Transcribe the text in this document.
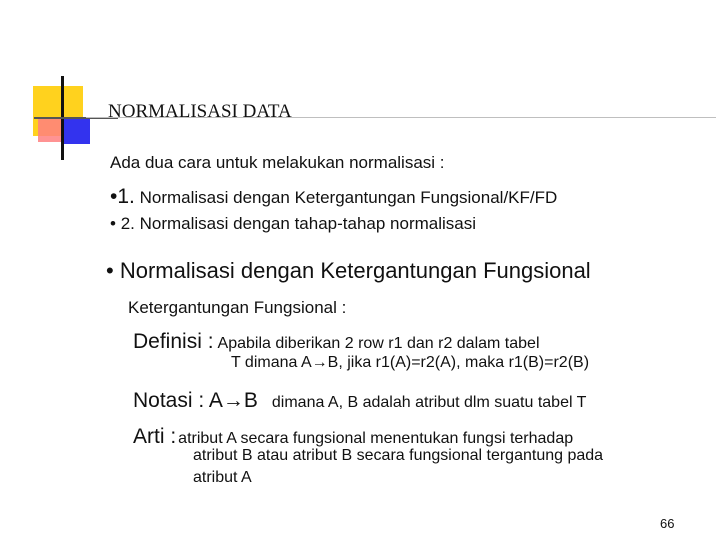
NORMALISASI DATA
Ada dua cara untuk melakukan normalisasi :
•1. Normalisasi dengan Ketergantungan Fungsional/KF/FD
• 2. Normalisasi dengan tahap-tahap normalisasi
• Normalisasi dengan Ketergantungan Fungsional
Ketergantungan Fungsional :
Definisi : Apabila diberikan 2 row r1 dan r2 dalam tabel
T dimana A→B, jika r1(A)=r2(A), maka r1(B)=r2(B)
Notasi : A→B dimana A, B adalah atribut dlm suatu tabel T
Arti : atribut A secara fungsional menentukan fungsi terhadap
atribut B atau atribut B secara fungsional tergantung pada
atribut A
66
